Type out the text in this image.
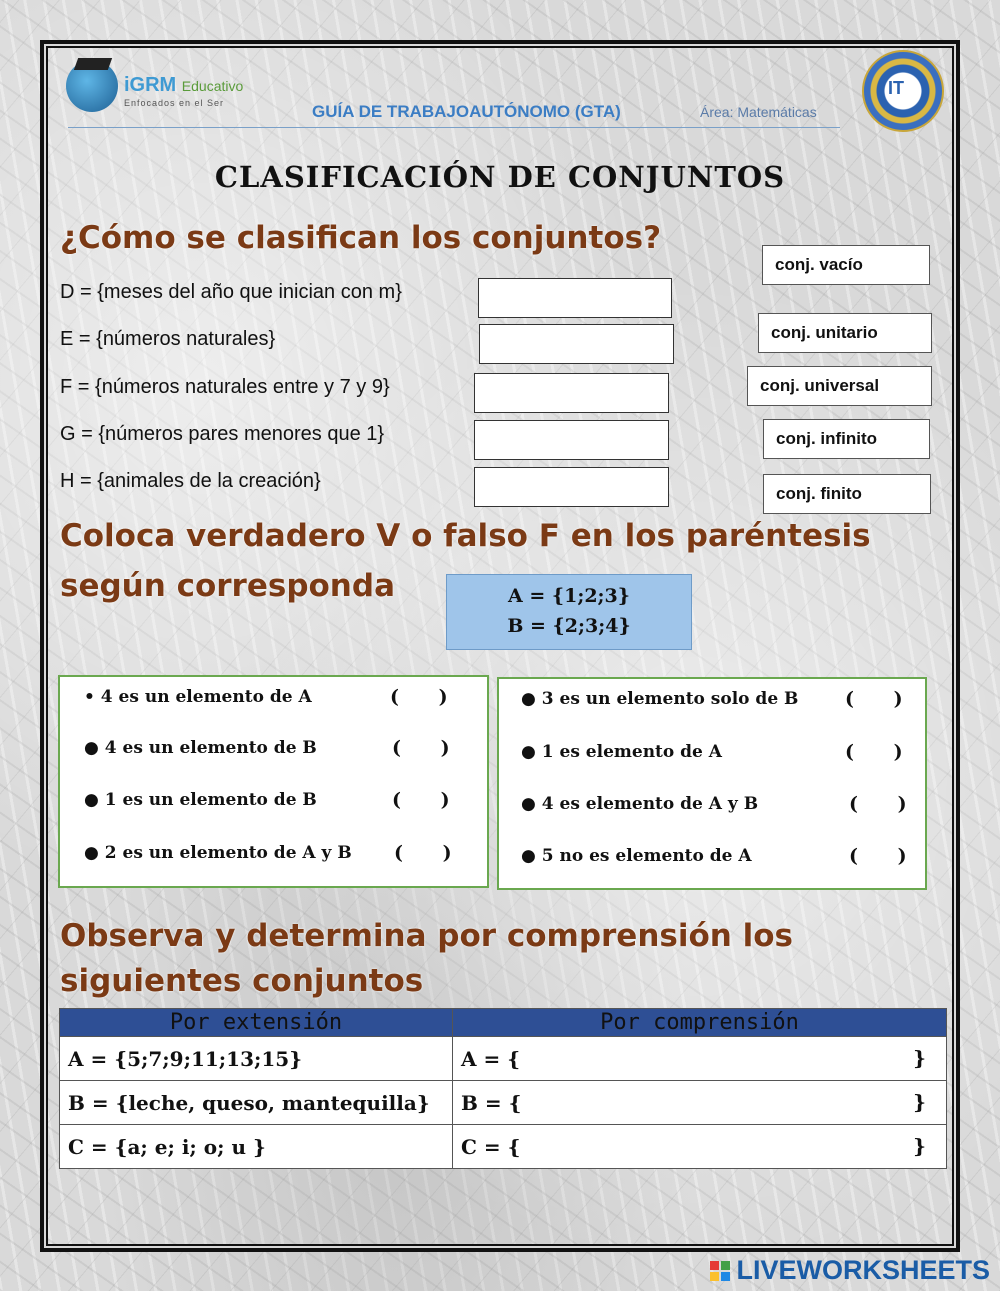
iGRM Educativo
Enfocados en el Ser	GUÍA DE TRABAJOAUTÓNOMO (GTA)	Área: Matemáticas
IT
CLASIFICACIÓN DE CONJUNTOS
¿Cómo se clasifican los conjuntos?
D = {meses del año que inician con m}
E = {números naturales}
F = {números naturales entre y 7 y 9}
G = {números pares menores que 1}
H = {animales de la creación}
conj. vacío
conj. unitario
conj. universal
conj. infinito
conj. finito
Coloca verdadero V o falso F en los paréntesis
según corresponda	A = {1;2;3}
B = {2;3;4}
• 4 es un elemento de A	(      )
● 4 es un elemento de B	(      )
● 1 es un elemento de B	(      )
● 2 es un elemento de A y B (      )
● 3 es un elemento solo de B (      )
● 1 es elemento de A	(      )
● 4 es elemento de A y B	(      )
● 5 no es elemento de A	(      )
Observa y determina por comprensión los
siguientes conjuntos
Por extensión	Por comprensión
A = {5;7;9;11;13;15}	A = { }

B = {leche, queso, mantequilla}	B = { }

C = {a; e; i; o; u }	C = { }
LIVEWORKSHEETS
